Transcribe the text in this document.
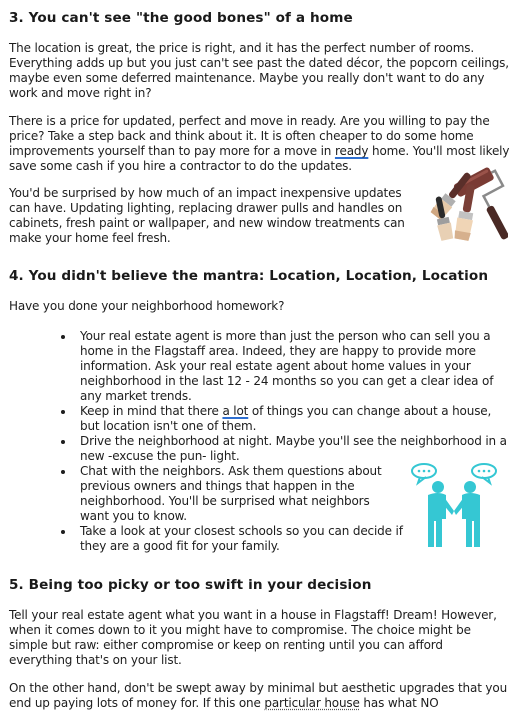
3. You can't see "the good bones" of a home

The location is great, the price is right, and it has the perfect number of rooms. Everything adds up but you just can't see past the dated décor, the popcorn ceilings, maybe even some deferred maintenance. Maybe you really don't want to do any work and move right in?

There is a price for updated, perfect and move in ready. Are you willing to pay the price? Take a step back and think about it. It is often cheaper to do some home improvements yourself than to pay more for a move in ready home. You'll most likely save some cash if you hire a contractor to do the updates.

You'd be surprised by how much of an impact inexpensive updates can have. Updating lighting, replacing drawer pulls and handles on cabinets, fresh paint or wallpaper, and new window treatments can make your home feel fresh.

4. You didn't believe the mantra: Location, Location, Location

Have you done your neighborhood homework?

Your real estate agent is more than just the person who can sell you a home in the Flagstaff area. Indeed, they are happy to provide more information. Ask your real estate agent about home values in your neighborhood in the last 12 - 24 months so you can get a clear idea of any market trends.
Keep in mind that there a lot of things you can change about a house, but location isn't one of them.
Drive the neighborhood at night. Maybe you'll see the neighborhood in a new -excuse the pun- light.
Chat with the neighbors. Ask them questions about previous owners and things that happen in the neighborhood. You'll be surprised what neighbors want you to know.
Take a look at your closest schools so you can decide if they are a good fit for your family.
5. Being too picky or too swift in your decision

Tell your real estate agent what you want in a house in Flagstaff! Dream! However, when it comes down to it you might have to compromise. The choice might be simple but raw: either compromise or keep on renting until you can afford everything that's on your list.

On the other hand, don't be swept away by minimal but aesthetic upgrades that you end up paying lots of money for. If this one particular house has what NO
